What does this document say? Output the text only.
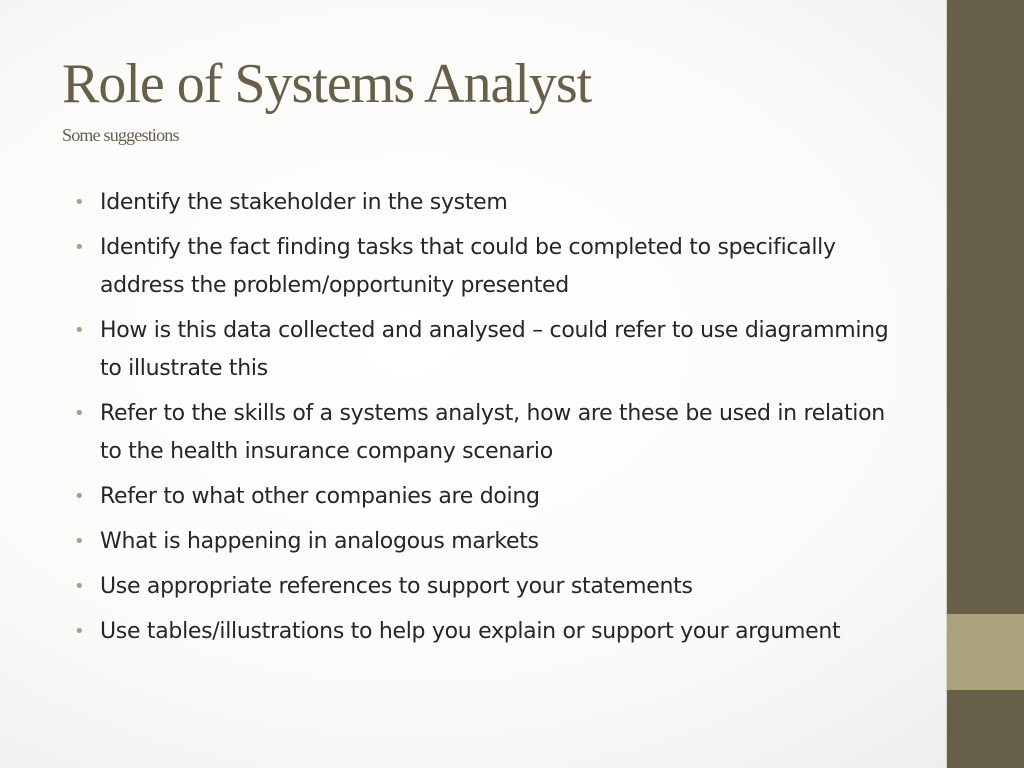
Role of Systems Analyst
Some suggestions
• Identify the stakeholder in the system
• Identify the fact finding tasks that could be completed to specifically address the problem/opportunity presented
• How is this data collected and analysed – could refer to use diagramming to illustrate this
• Refer to the skills of a systems analyst, how are these be used in relation to the health insurance company scenario
• Refer to what other companies are doing
• What is happening in analogous markets
• Use appropriate references to support your statements
• Use tables/illustrations to help you explain or support your argument
